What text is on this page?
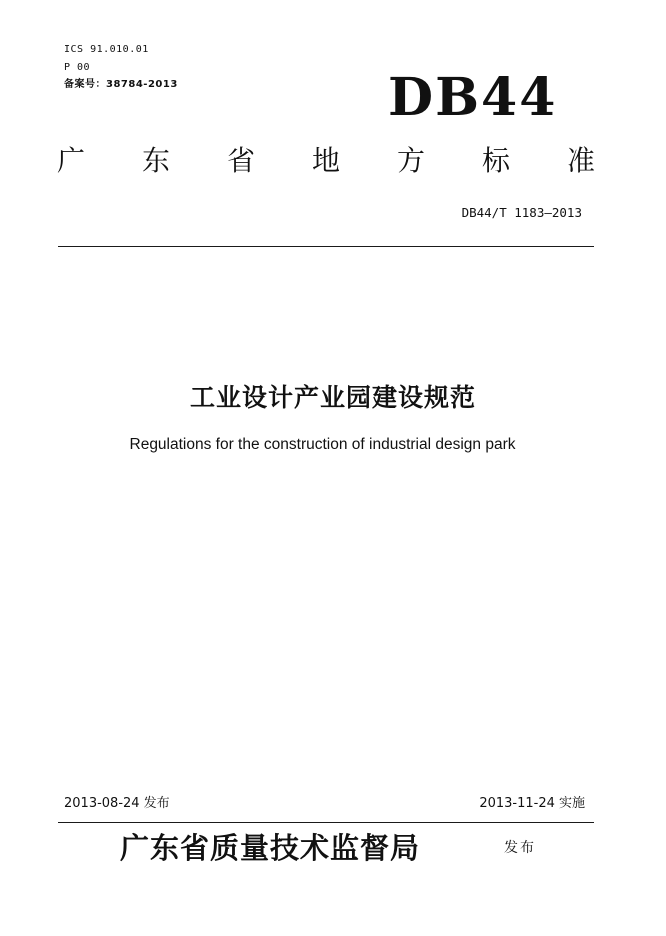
ICS 91.010.01
P 00
备案号：38784-2013	DB44
广 东 省 地 方 标 准
DB44/T 1183—2013
工业设计产业园建设规范
Regulations for the construction of industrial design park
2013-08-24 发布	2013-11-24 实施
广东省质量技术监督局	发布
